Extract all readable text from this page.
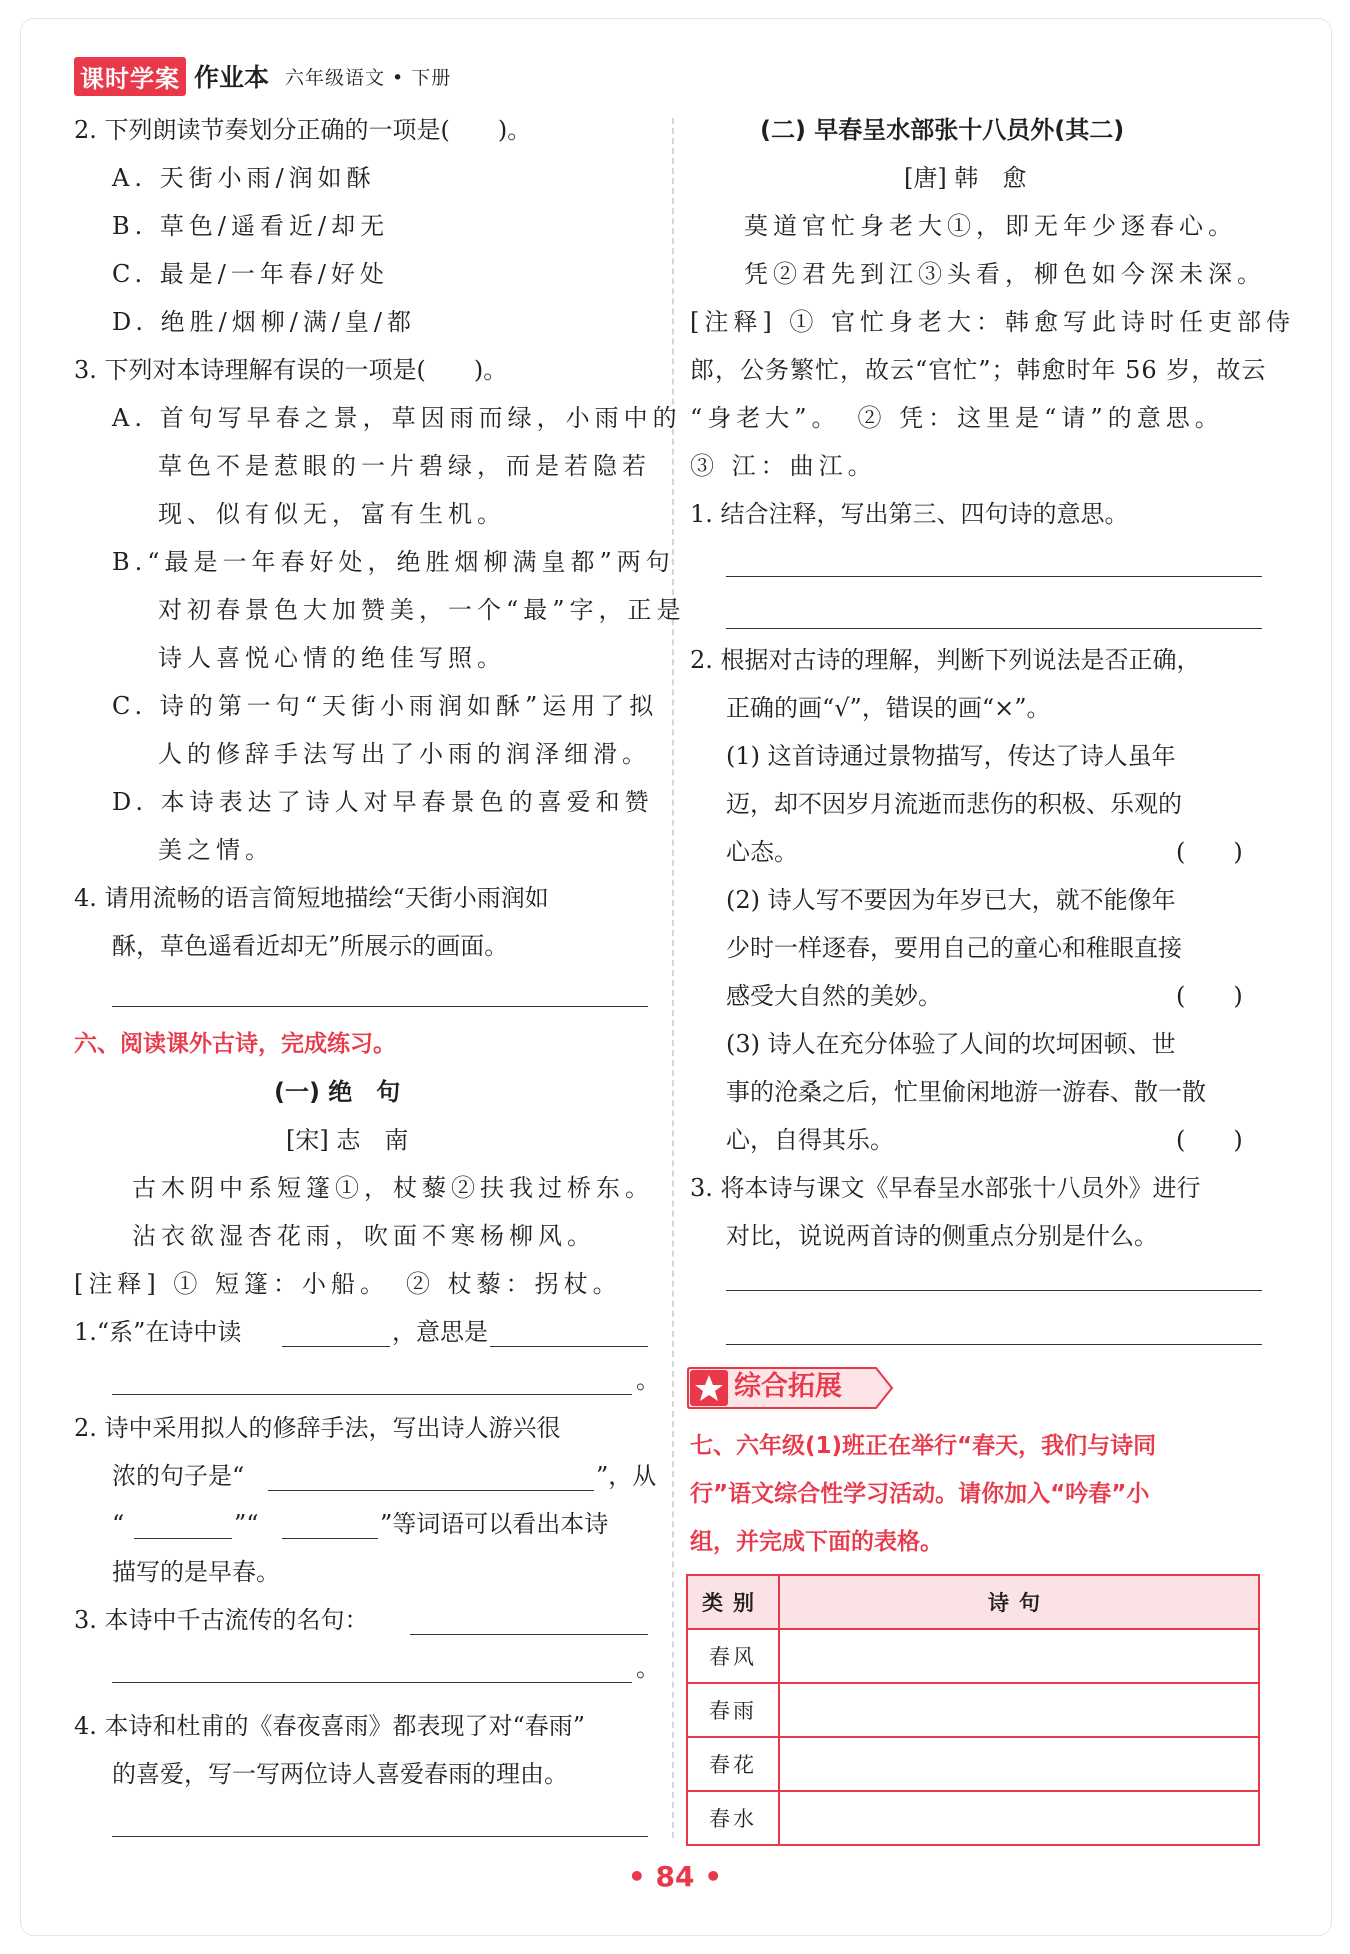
课时学案 作业本 六年级语文 • 下册
2. 下列朗读节奏划分正确的一项是(　　)。
A. 天街小雨/润如酥
B. 草色/遥看近/却无
C. 最是/一年春/好处
D. 绝胜/烟柳/满/皇/都
3. 下列对本诗理解有误的一项是(　　)。
A. 首句写早春之景，草因雨而绿，小雨中的
草色不是惹眼的一片碧绿，而是若隐若
现、似有似无，富有生机。
B.“最是一年春好处，绝胜烟柳满皇都”两句
对初春景色大加赞美，一个“最”字，正是
诗人喜悦心情的绝佳写照。
C. 诗的第一句“天街小雨润如酥”运用了拟
人的修辞手法写出了小雨的润泽细滑。
D. 本诗表达了诗人对早春景色的喜爱和赞
美之情。
4. 请用流畅的语言简短地描绘“天街小雨润如
酥，草色遥看近却无”所展示的画面。
六、阅读课外古诗，完成练习。
(一) 绝　句
[宋] 志　南
古木阴中系短篷①，杖藜②扶我过桥东。
沾衣欲湿杏花雨，吹面不寒杨柳风。
[注释] ① 短篷：小船。　② 杖藜：拐杖。
1.“系”在诗中读	，意思是
。
2. 诗中采用拟人的修辞手法，写出诗人游兴很
浓的句子是“	”，从
“	”“	”等词语可以看出本诗
描写的是早春。
3. 本诗中千古流传的名句：
。
4. 本诗和杜甫的《春夜喜雨》都表现了对“春雨”
的喜爱，写一写两位诗人喜爱春雨的理由。
(二) 早春呈水部张十八员外(其二)
[唐] 韩　愈
莫道官忙身老大①，即无年少逐春心。
凭②君先到江③头看，柳色如今深未深。
[注释] ① 官忙身老大：韩愈写此诗时任吏部侍
郎，公务繁忙，故云“官忙”；韩愈时年 56 岁，故云
“身老大”。　② 凭：这里是“请”的意思。
③ 江：曲江。
1. 结合注释，写出第三、四句诗的意思。
2. 根据对古诗的理解，判断下列说法是否正确，
正确的画“√”，错误的画“×”。
(1) 这首诗通过景物描写，传达了诗人虽年
迈，却不因岁月流逝而悲伤的积极、乐观的
心态。	(　　)
(2) 诗人写不要因为年岁已大，就不能像年
少时一样逐春，要用自己的童心和稚眼直接
感受大自然的美妙。	(　　)
(3) 诗人在充分体验了人间的坎坷困顿、世
事的沧桑之后，忙里偷闲地游一游春、散一散
心，自得其乐。	(　　)
3. 将本诗与课文《早春呈水部张十八员外》进行
对比，说说两首诗的侧重点分别是什么。
综合拓展
七、六年级(1)班正在举行“春天，我们与诗同
行”语文综合性学习活动。请你加入“吟春”小
组，并完成下面的表格。
类别	诗句
春风	
春雨	
春花	
春水	
• 84 •
